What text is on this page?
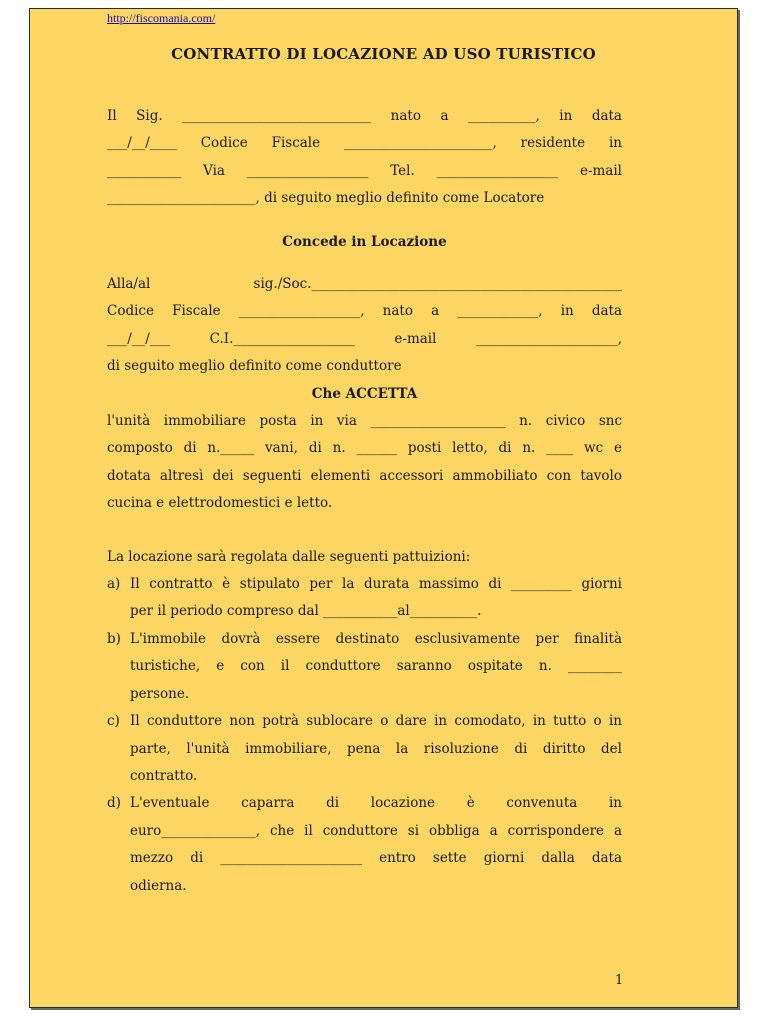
http://fiscomania.com/
CONTRATTO DI LOCAZIONE AD USO TURISTICO
Il Sig. ____________________________ nato a __________, in data
___/__/____ Codice Fiscale ______________________, residente in
___________ Via __________________ Tel. __________________ e-mail
______________________, di seguito meglio definito come Locatore
Concede in Locazione
Alla/al sig./Soc.______________________________________________
Codice Fiscale __________________, nato a ____________, in data
___/__/___ C.I.__________________ e-mail _____________________,
di seguito meglio definito come conduttore
Che ACCETTA
l'unità immobiliare posta in via ____________________ n. civico snc
composto di n._____ vani, di n. ______ posti letto, di n. ____ wc e
dotata altresì dei seguenti elementi accessori ammobiliato con tavolo
cucina e elettrodomestici e letto.
La locazione sarà regolata dalle seguenti pattuizioni:
a) Il contratto è stipulato per la durata massimo di _________ giorni
per il periodo compreso dal ___________al__________.
b) L'immobile dovrà essere destinato esclusivamente per finalità
turistiche, e con il conduttore saranno ospitate n. ________
persone.
c) Il conduttore non potrà sublocare o dare in comodato, in tutto o in
parte, l'unità immobiliare, pena la risoluzione di diritto del
contratto.
d) L'eventuale caparra di locazione è convenuta in
euro______________, che il conduttore si obbliga a corrispondere a
mezzo di _____________________ entro sette giorni dalla data
odierna.
1
